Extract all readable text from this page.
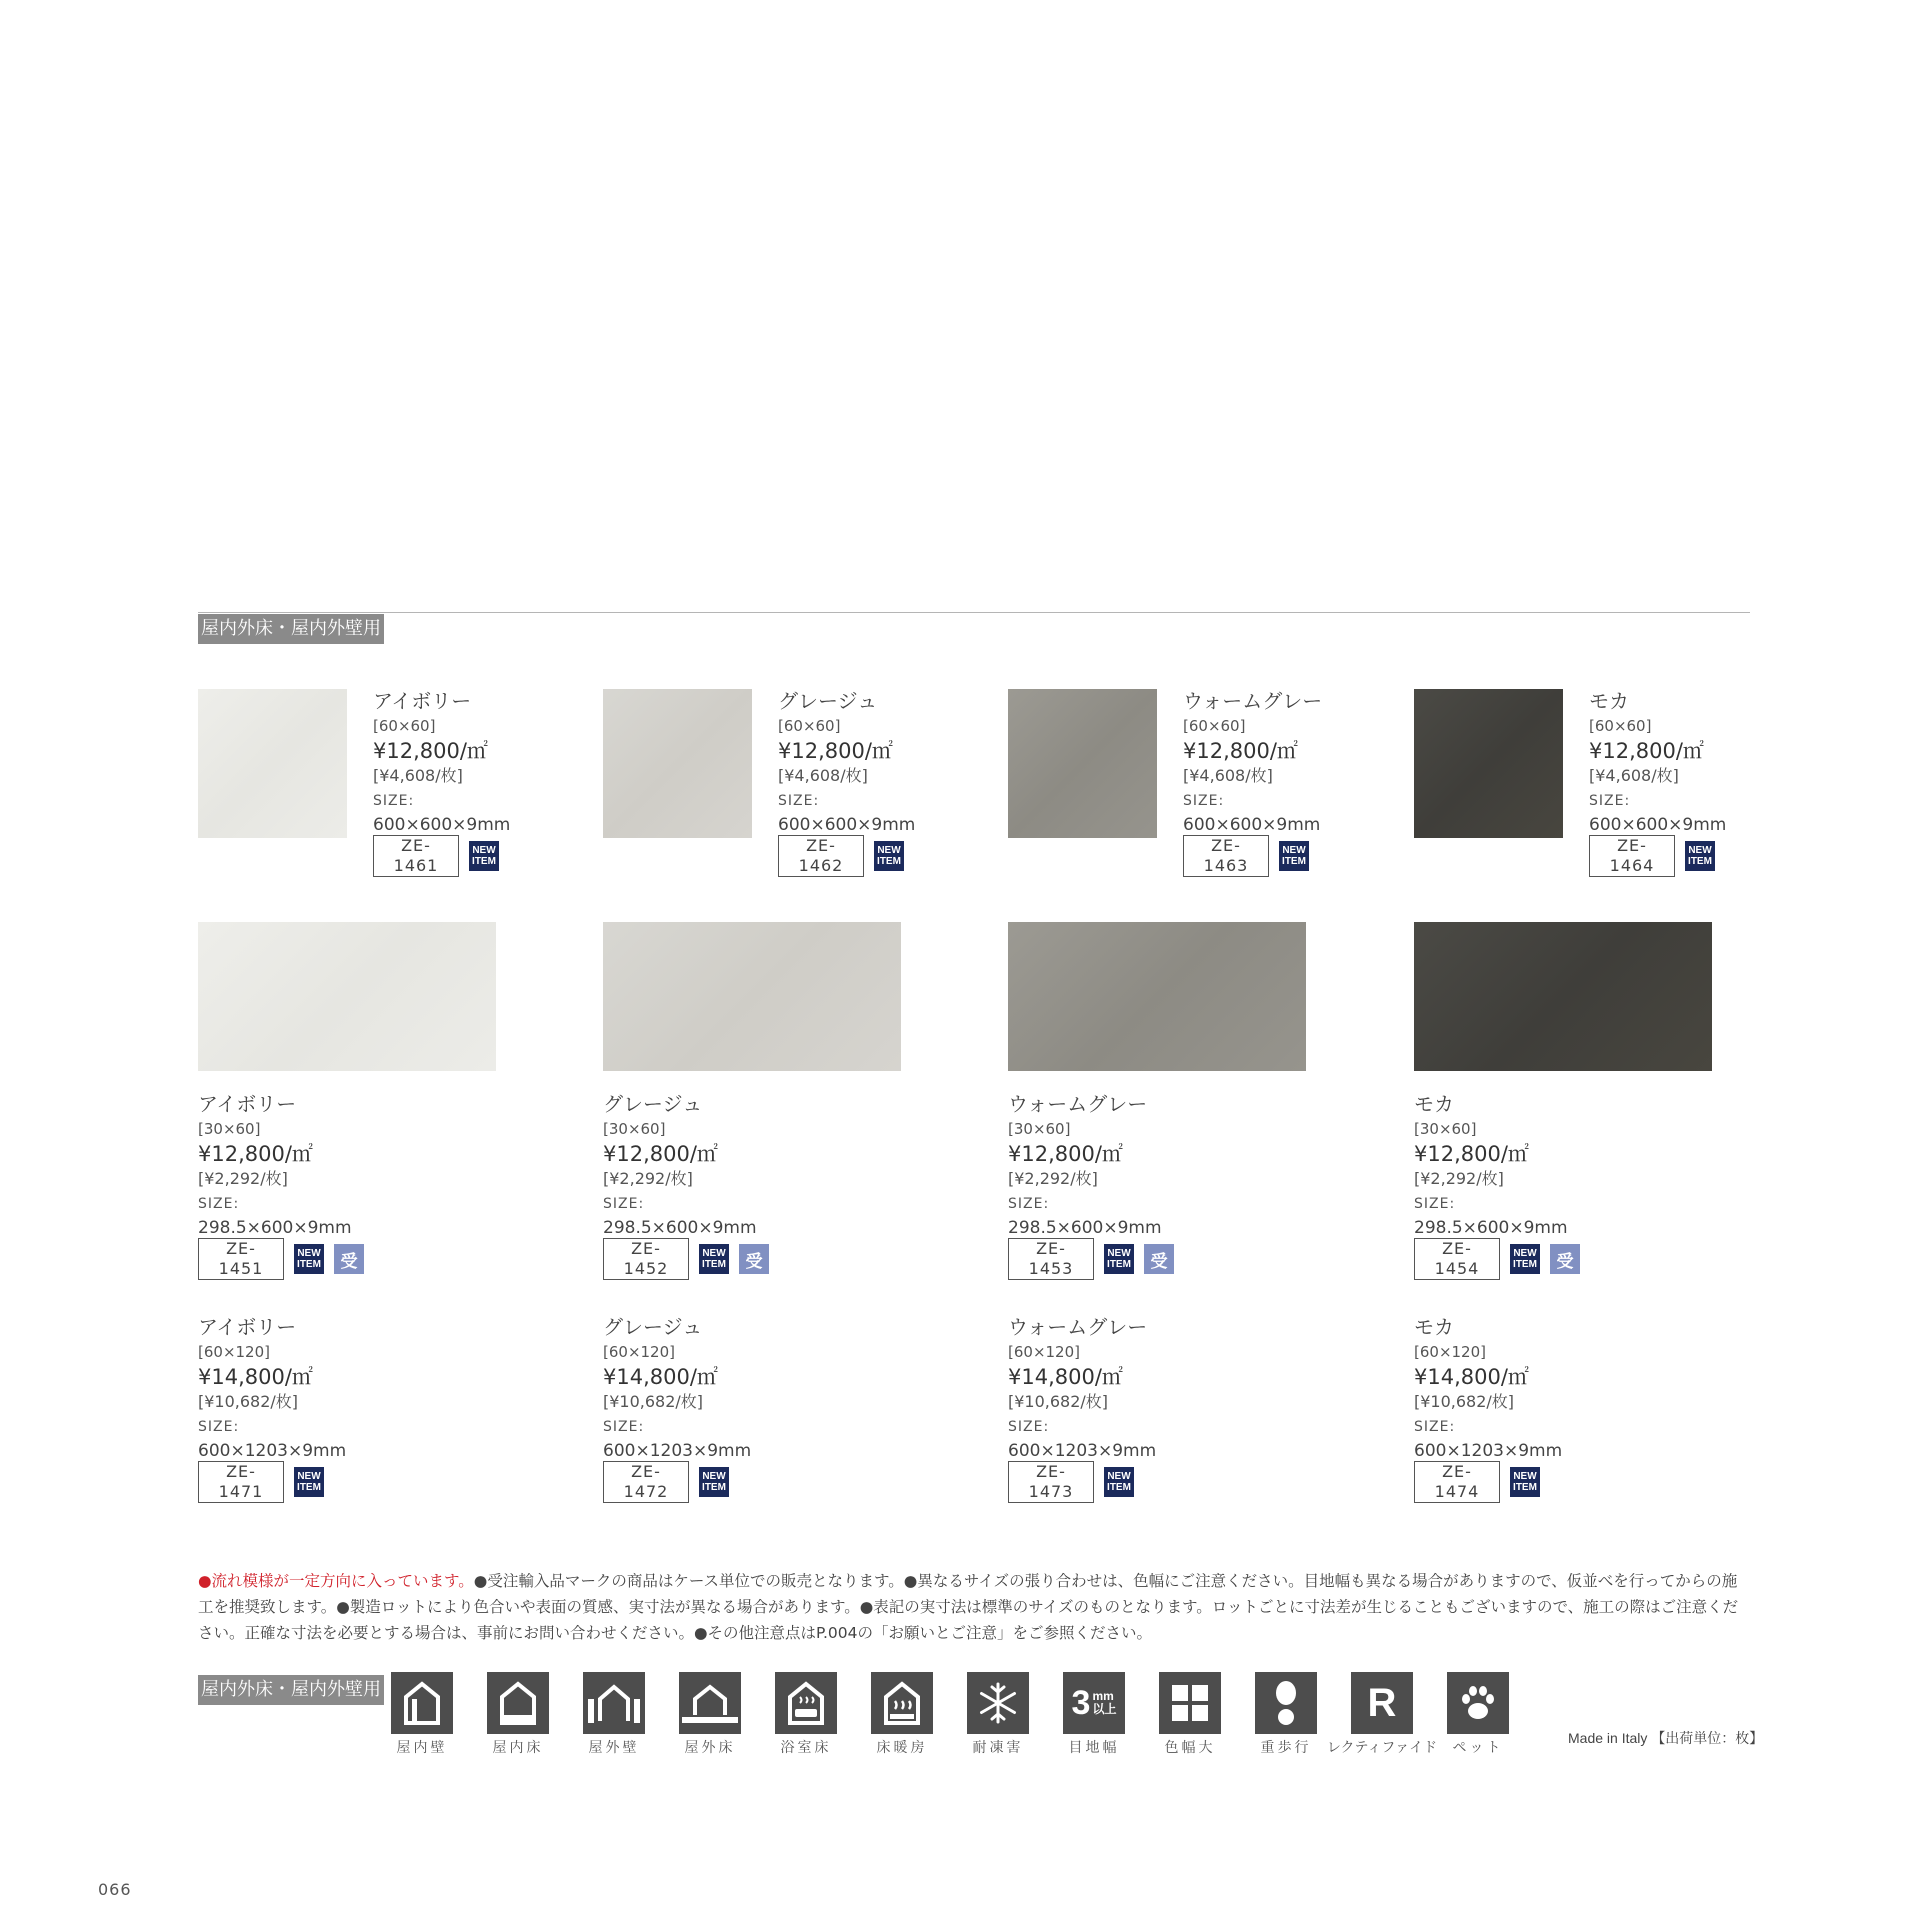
屋内外床・屋内外壁用
アイボリー
[60×60]
¥12,800/㎡
[¥4,608/枚]
SIZE:
600×600×9mm
ZE-1461
NEW
ITEM
グレージュ
[60×60]
¥12,800/㎡
[¥4,608/枚]
SIZE:
600×600×9mm
ZE-1462
NEW
ITEM
ウォームグレー
[60×60]
¥12,800/㎡
[¥4,608/枚]
SIZE:
600×600×9mm
ZE-1463
NEW
ITEM
モカ
[60×60]
¥12,800/㎡
[¥4,608/枚]
SIZE:
600×600×9mm
ZE-1464
NEW
ITEM
アイボリー
[30×60]
¥12,800/㎡
[¥2,292/枚]
SIZE:
298.5×600×9mm
ZE-1451
NEW
ITEM	受
グレージュ
[30×60]
¥12,800/㎡
[¥2,292/枚]
SIZE:
298.5×600×9mm
ZE-1452
NEW
ITEM	受
ウォームグレー
[30×60]
¥12,800/㎡
[¥2,292/枚]
SIZE:
298.5×600×9mm
ZE-1453
NEW
ITEM	受
モカ
[30×60]
¥12,800/㎡
[¥2,292/枚]
SIZE:
298.5×600×9mm
ZE-1454
NEW
ITEM	受
アイボリー
[60×120]
¥14,800/㎡
[¥10,682/枚]
SIZE:
600×1203×9mm
ZE-1471
NEW
ITEM
グレージュ
[60×120]
¥14,800/㎡
[¥10,682/枚]
SIZE:
600×1203×9mm
ZE-1472
NEW
ITEM
ウォームグレー
[60×120]
¥14,800/㎡
[¥10,682/枚]
SIZE:
600×1203×9mm
ZE-1473
NEW
ITEM
モカ
[60×120]
¥14,800/㎡
[¥10,682/枚]
SIZE:
600×1203×9mm
ZE-1474
NEW
ITEM
●流れ模様が一定方向に入っています。●受注輸入品マークの商品はケース単位での販売となります。●異なるサイズの張り合わせは、色幅にご注意ください。目地幅も異なる場合がありますので、仮並べを行ってからの施工を推奨致します。●製造ロットにより色合いや表面の質感、実寸法が異なる場合があります。●表記の実寸法は標準のサイズのものとなります。ロットごとに寸法差が生じることもございますので、施工の際はご注意ください。正確な寸法を必要とする場合は、事前にお問い合わせください。●その他注意点はP.004の「お願いとご注意」をご参照ください。
屋内外床・屋内外壁用
屋内壁	屋内床	屋外壁	屋外床	浴室床	床暖房	耐凍害
3 mm
以上
目地幅	色幅大	重歩行
R
レクティファイド	ペット
Made in Italy 【出荷単位：枚】
066
